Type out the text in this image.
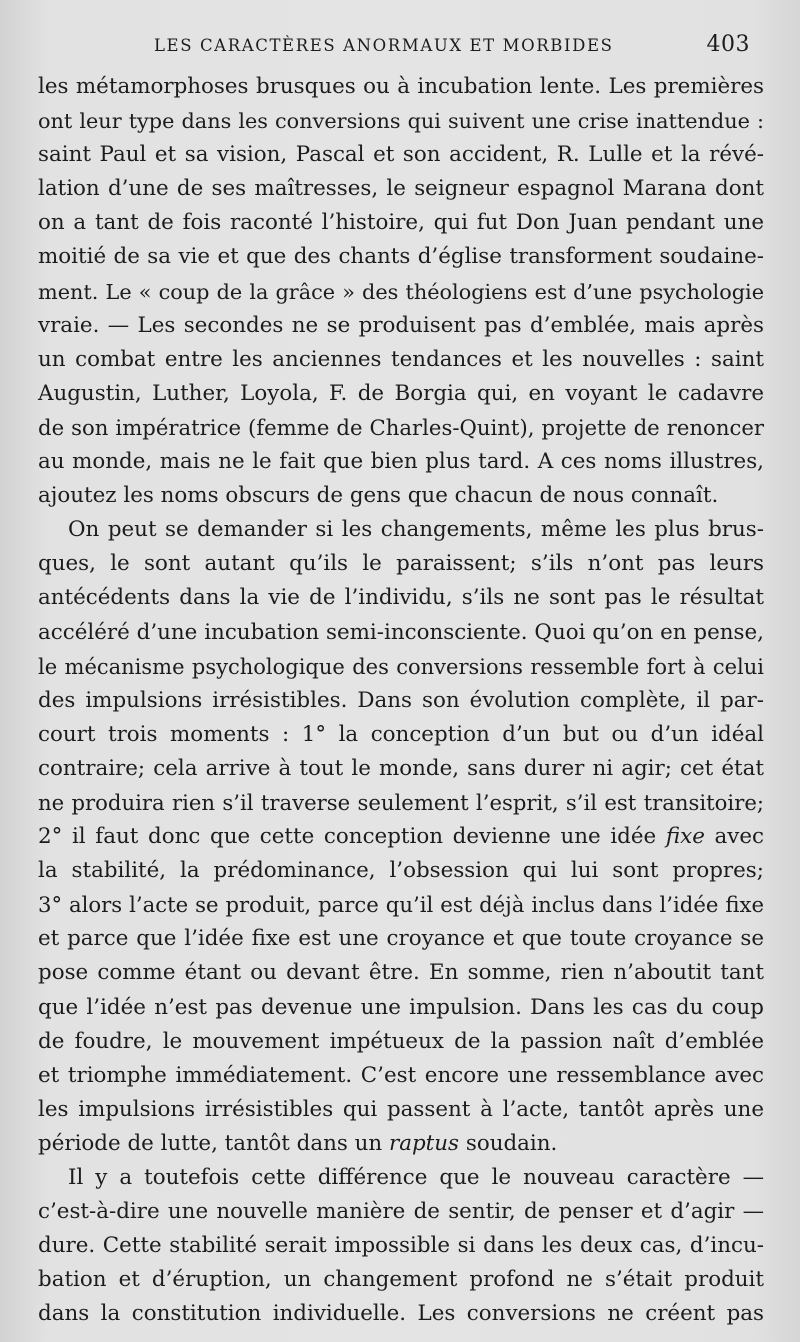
LES CARACTÈRES ANORMAUX ET MORBIDES	403
les métamorphoses brusques ou à incubation lente. Les premières
ont leur type dans les conversions qui suivent une crise inattendue :
saint Paul et sa vision, Pascal et son accident, R. Lulle et la révé-
lation d’une de ses maîtresses, le seigneur espagnol Marana dont
on a tant de fois raconté l’histoire, qui fut Don Juan pendant une
moitié de sa vie et que des chants d’église transforment soudaine-
ment. Le « coup de la grâce » des théologiens est d’une psychologie
vraie. — Les secondes ne se produisent pas d’emblée, mais après
un combat entre les anciennes tendances et les nouvelles : saint
Augustin, Luther, Loyola, F. de Borgia qui, en voyant le cadavre
de son impératrice (femme de Charles-Quint), projette de renoncer
au monde, mais ne le fait que bien plus tard. A ces noms illustres,
ajoutez les noms obscurs de gens que chacun de nous connaît.
On peut se demander si les changements, même les plus brus-
ques, le sont autant qu’ils le paraissent; s’ils n’ont pas leurs
antécédents dans la vie de l’individu, s’ils ne sont pas le résultat
accéléré d’une incubation semi-inconsciente. Quoi qu’on en pense,
le mécanisme psychologique des conversions ressemble fort à celui
des impulsions irrésistibles. Dans son évolution complète, il par-
court trois moments : 1° la conception d’un but ou d’un idéal
contraire; cela arrive à tout le monde, sans durer ni agir; cet état
ne produira rien s’il traverse seulement l’esprit, s’il est transitoire;
2° il faut donc que cette conception devienne une idée fixe avec
la stabilité, la prédominance, l’obsession qui lui sont propres;
3° alors l’acte se produit, parce qu’il est déjà inclus dans l’idée fixe
et parce que l’idée fixe est une croyance et que toute croyance se
pose comme étant ou devant être. En somme, rien n’aboutit tant
que l’idée n’est pas devenue une impulsion. Dans les cas du coup
de foudre, le mouvement impétueux de la passion naît d’emblée
et triomphe immédiatement. C’est encore une ressemblance avec
les impulsions irrésistibles qui passent à l’acte, tantôt après une
période de lutte, tantôt dans un raptus soudain.
Il y a toutefois cette différence que le nouveau caractère —
c’est-à-dire une nouvelle manière de sentir, de penser et d’agir —
dure. Cette stabilité serait impossible si dans les deux cas, d’incu-
bation et d’éruption, un changement profond ne s’était produit
dans la constitution individuelle. Les conversions ne créent pas
